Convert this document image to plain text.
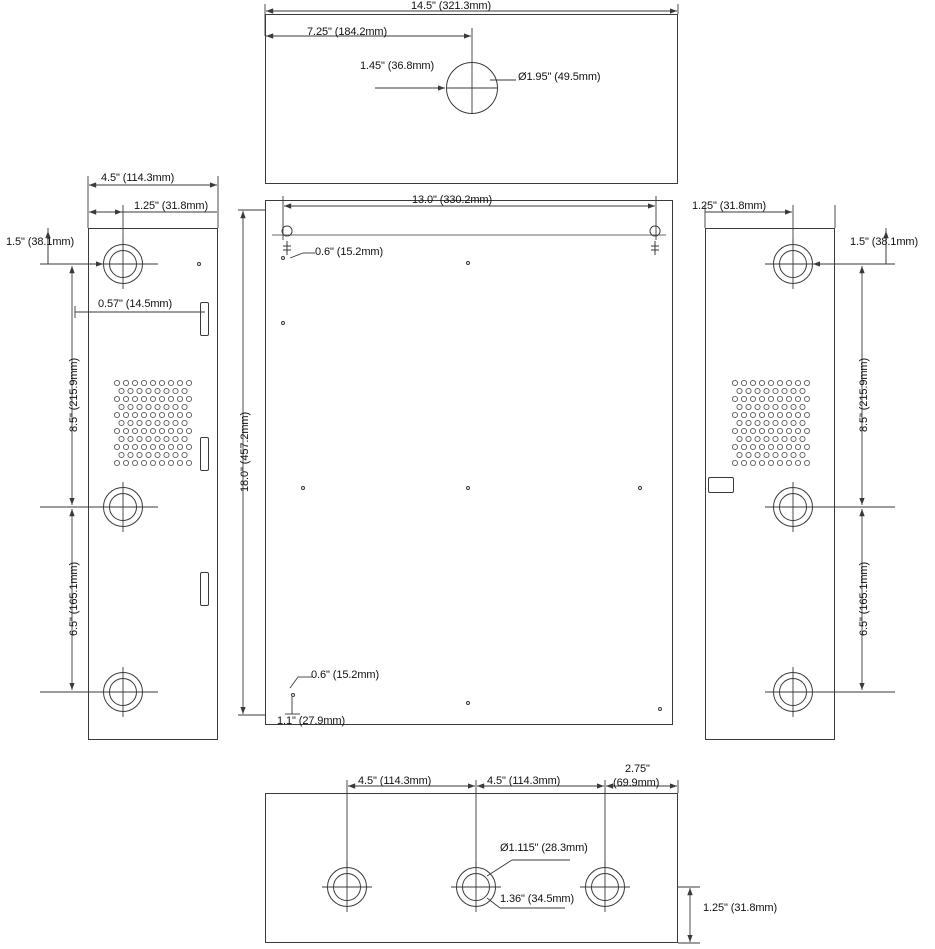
14.5" (321.3mm)
7.25" (184.2mm)
1.45" (36.8mm)
Ø1.95" (49.5mm)
4.5" (114.3mm)
1.25" (31.8mm)
1.5" (38.1mm)
0.57" (14.5mm)
8.5" (215.9mm)
6.5" (165.1mm)
13.0" (330.2mm)
18.0" (457.2mm)
0.6" (15.2mm)
0.6" (15.2mm)
1.1" (27.9mm)
1.25" (31.8mm)
1.5" (38.1mm)
8.5" (215.9mm)
6.5" (165.1mm)
4.5" (114.3mm)	4.5" (114.3mm)
2.75"
(69.9mm)
Ø1.115" (28.3mm)
1.36" (34.5mm)
1.25" (31.8mm)
